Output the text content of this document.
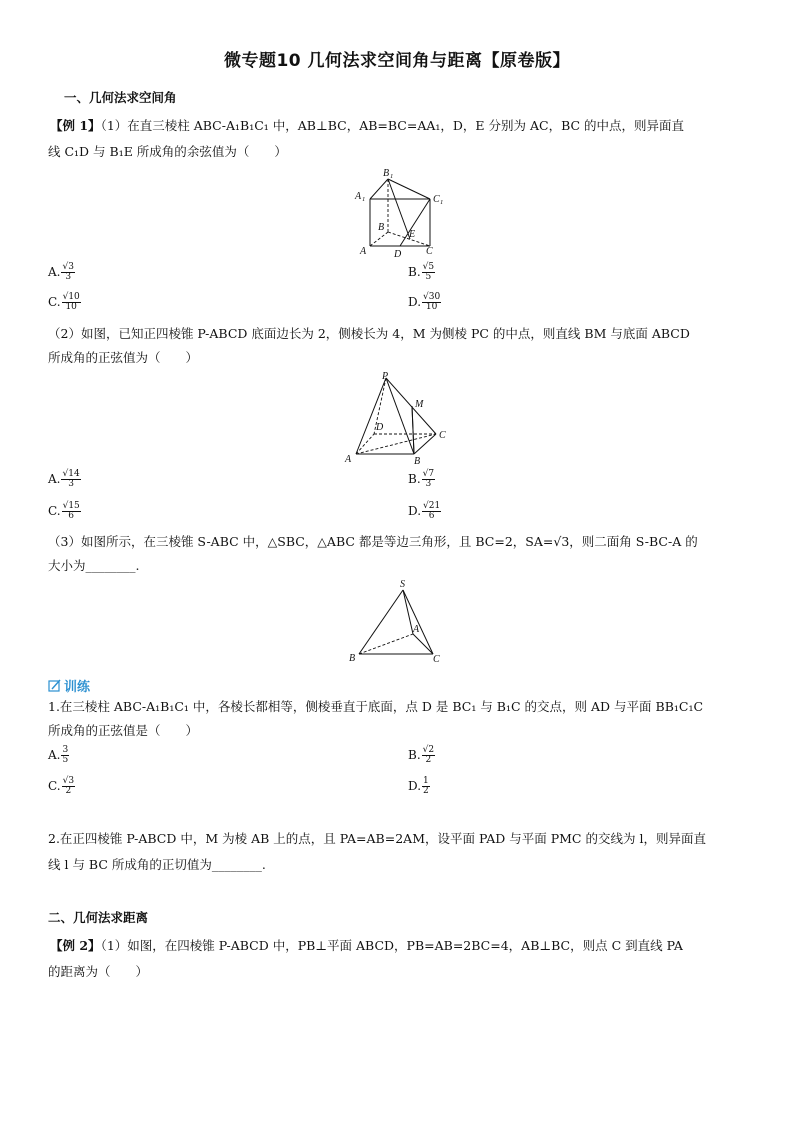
微专题10 几何法求空间角与距离【原卷版】
一、几何法求空间角
【例 1】（1）在直三棱柱 ABC-A₁B₁C₁ 中，AB⊥BC，AB=BC=AA₁，D，E 分别为 AC，BC 的中点，则异面直
线 C₁D 与 B₁E 所成角的余弦值为（　　）
B 1
A 1	C 1
B
E
A	D C
A. $\frac{√3}{3}$	B. $\frac{√5}{5}$
C. $\frac{√10}{10}$	D. $\frac{√30}{10}$
（2）如图，已知正四棱锥 P-ABCD 底面边长为 2，侧棱长为 4，M 为侧棱 PC 的中点，则直线 BM 与底面 ABCD
所成角的正弦值为（　　）
P
M
D
C
A	B
A. $\frac{√14}{3}$	B. $\frac{√7}{3}$
C. $\frac{√15}{6}$	D. $\frac{√21}{6}$
（3）如图所示，在三棱锥 S-ABC 中，△SBC，△ABC 都是等边三角形，且 BC=2，SA=√3，则二面角 S-BC-A 的
大小为________.
S
A
B	C
训练
1.在三棱柱 ABC-A₁B₁C₁ 中，各棱长都相等，侧棱垂直于底面，点 D 是 BC₁ 与 B₁C 的交点，则 AD 与平面 BB₁C₁C
所成角的正弦值是（　　）
A. $\frac{3}{5}$	B. $\frac{√2}{2}$
C. $\frac{√3}{2}$	D. $\frac{1}{2}$
2.在正四棱锥 P-ABCD 中，M 为棱 AB 上的点，且 PA=AB=2AM，设平面 PAD 与平面 PMC 的交线为 l，则异面直
线 l 与 BC 所成角的正切值为________.
二、几何法求距离
【例 2】（1）如图，在四棱锥 P-ABCD 中，PB⊥平面 ABCD，PB=AB=2BC=4，AB⊥BC，则点 C 到直线 PA
的距离为（　　）
